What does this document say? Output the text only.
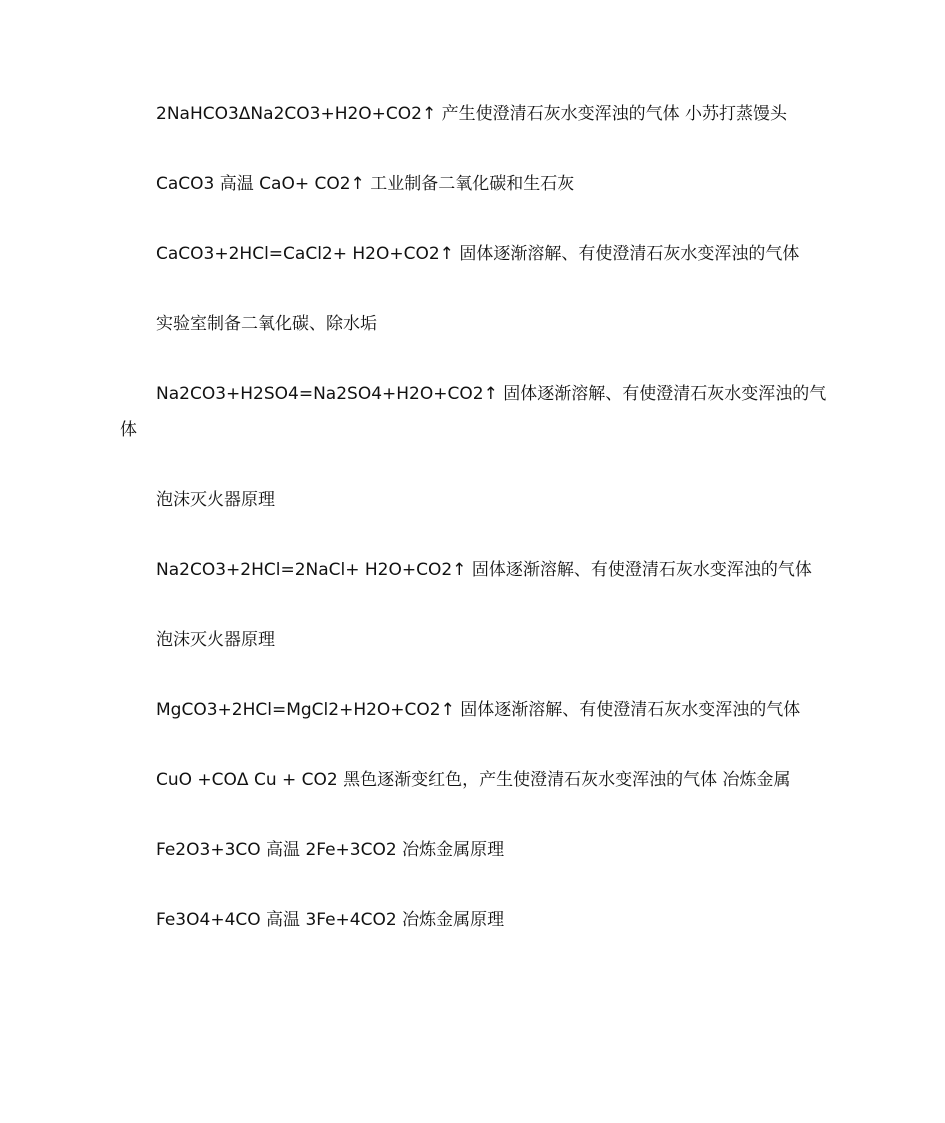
2NaHCO3ΔNa2CO3+H2O+CO2↑ 产生使澄清石灰水变浑浊的气体 小苏打蒸馒头

CaCO3 高温 CaO+ CO2↑ 工业制备二氧化碳和生石灰

CaCO3+2HCl=CaCl2+ H2O+CO2↑ 固体逐渐溶解、有使澄清石灰水变浑浊的气体

实验室制备二氧化碳、除水垢

Na2CO3+H2SO4=Na2SO4+H2O+CO2↑ 固体逐渐溶解、有使澄清石灰水变浑浊的气体

泡沫灭火器原理

Na2CO3+2HCl=2NaCl+ H2O+CO2↑ 固体逐渐溶解、有使澄清石灰水变浑浊的气体

泡沫灭火器原理

MgCO3+2HCl=MgCl2+H2O+CO2↑ 固体逐渐溶解、有使澄清石灰水变浑浊的气体

CuO +COΔ Cu + CO2 黑色逐渐变红色，产生使澄清石灰水变浑浊的气体 冶炼金属

Fe2O3+3CO 高温 2Fe+3CO2 冶炼金属原理

Fe3O4+4CO 高温 3Fe+4CO2 冶炼金属原理
